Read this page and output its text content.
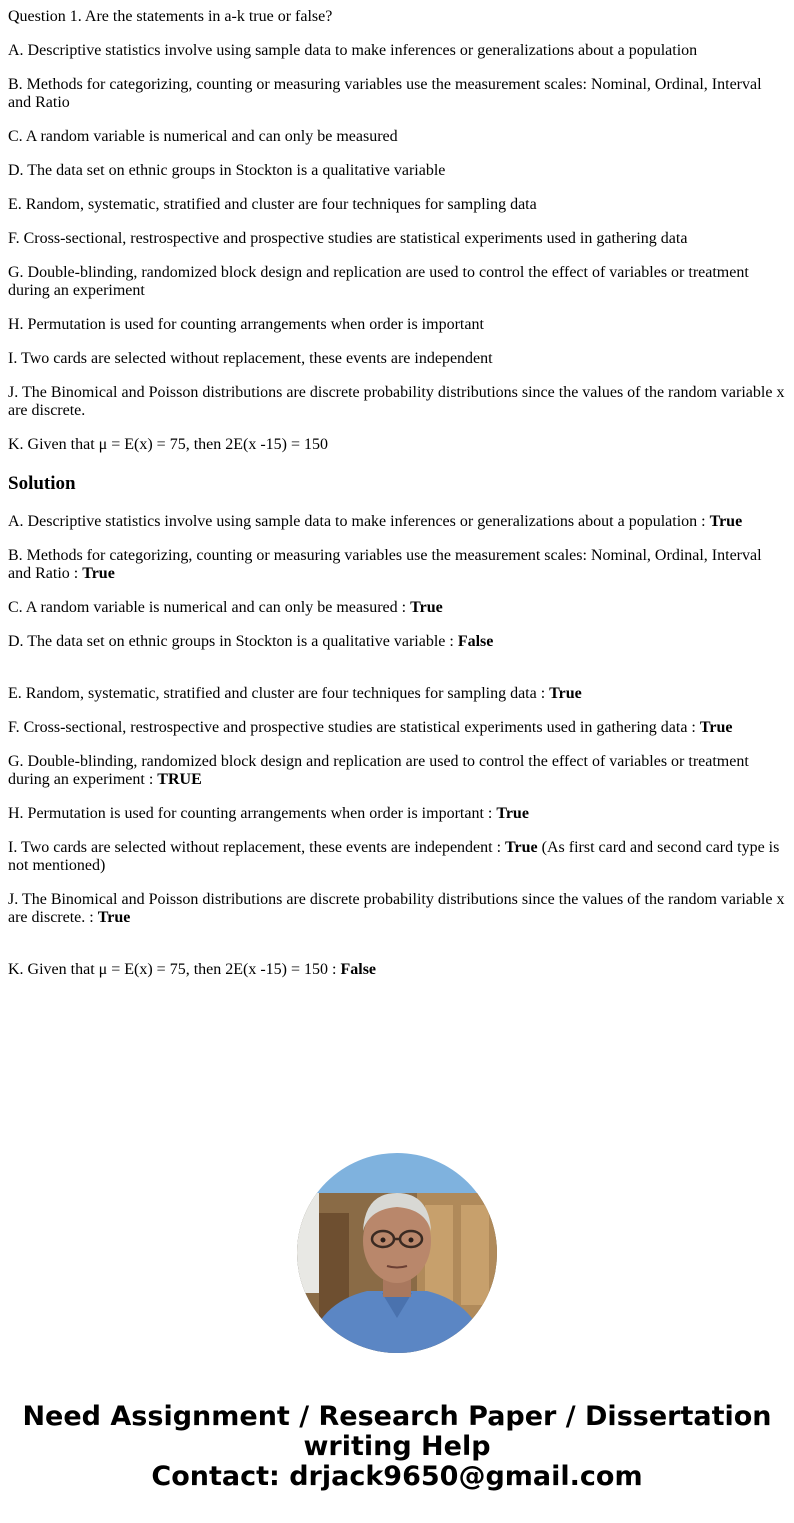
Question 1. Are the statements in a-k true or false?

A. Descriptive statistics involve using sample data to make inferences or generalizations about a population

B. Methods for categorizing, counting or measuring variables use the measurement scales: Nominal, Ordinal, Interval and Ratio

C. A random variable is numerical and can only be measured

D. The data set on ethnic groups in Stockton is a qualitative variable

E. Random, systematic, stratified and cluster are four techniques for sampling data

F. Cross-sectional, restrospective and prospective studies are statistical experiments used in gathering data

G. Double-blinding, randomized block design and replication are used to control the effect of variables or treatment during an experiment

H. Permutation is used for counting arrangements when order is important

I. Two cards are selected without replacement, these events are independent

J. The Binomical and Poisson distributions are discrete probability distributions since the values of the random variable x are discrete.

K. Given that μ = E(x) = 75, then 2E(x -15) = 150

Solution

A. Descriptive statistics involve using sample data to make inferences or generalizations about a population : True

B. Methods for categorizing, counting or measuring variables use the measurement scales: Nominal, Ordinal, Interval and Ratio : True

C. A random variable is numerical and can only be measured : True

D. The data set on ethnic groups in Stockton is a qualitative variable : False

E. Random, systematic, stratified and cluster are four techniques for sampling data : True

F. Cross-sectional, restrospective and prospective studies are statistical experiments used in gathering data : True

G. Double-blinding, randomized block design and replication are used to control the effect of variables or treatment during an experiment : TRUE

H. Permutation is used for counting arrangements when order is important : True

I. Two cards are selected without replacement, these events are independent : True (As first card and second card type is not mentioned)

J. The Binomical and Poisson distributions are discrete probability distributions since the values of the random variable x are discrete. : True

K. Given that μ = E(x) = 75, then 2E(x -15) = 150 : False

Need Assignment / Research Paper / Dissertation writing Help
Contact: drjack9650@gmail.com
